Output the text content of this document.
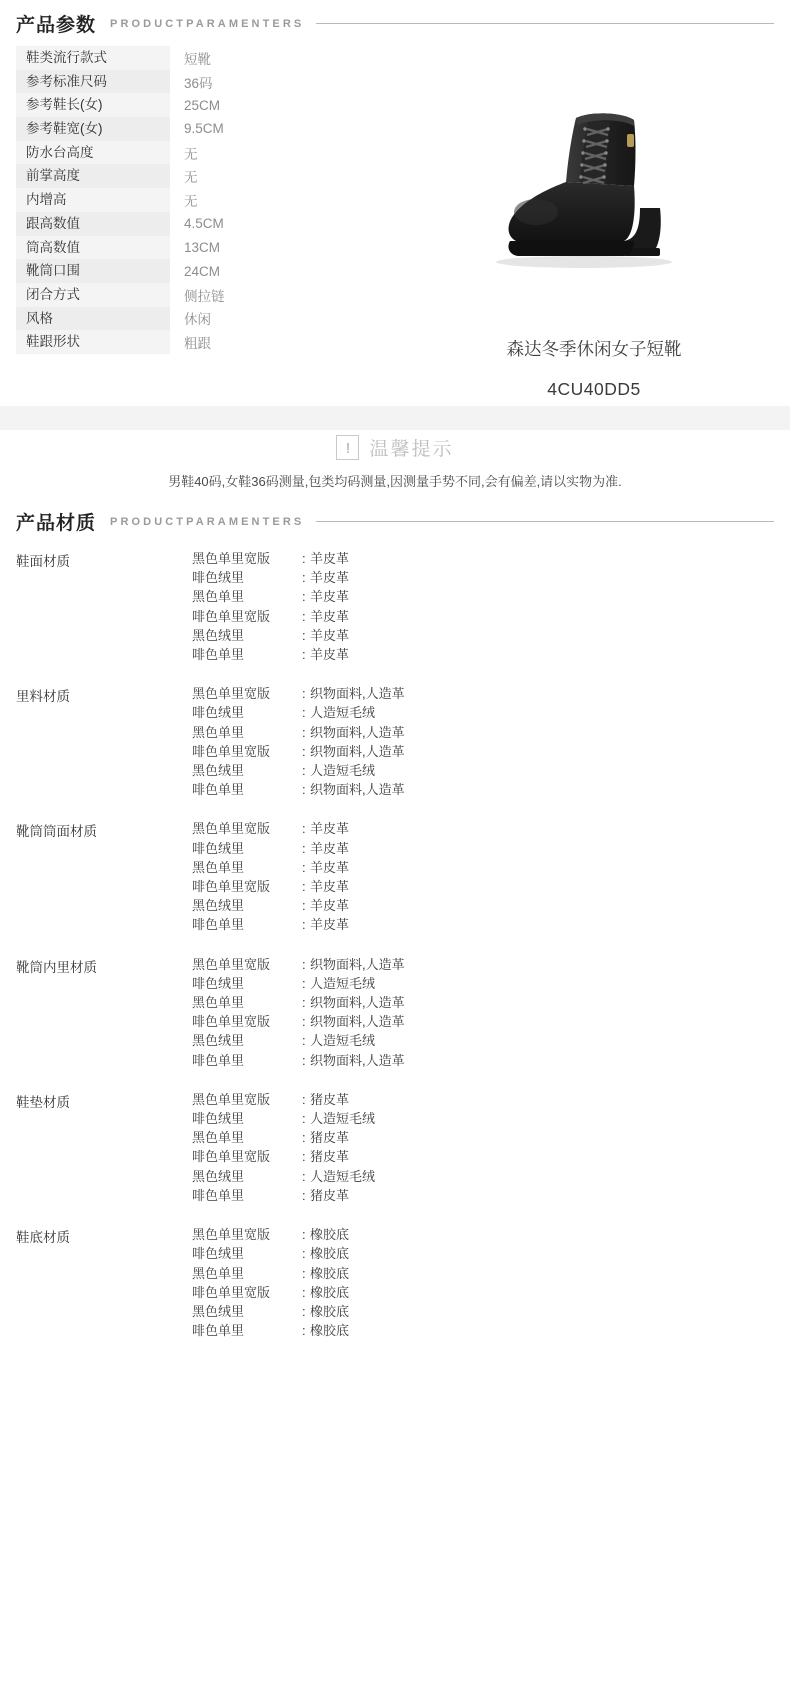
产品参数 PRODUCTPARAMENTERS
鞋类流行款式	短靴
参考标准尺码	36码
参考鞋长(女)	25CM
参考鞋宽(女)	9.5CM
防水台高度	无
前掌高度	无
内增高	无
跟高数值	4.5CM
筒高数值	13CM
靴筒口围	24CM
闭合方式	侧拉链
风格	休闲
鞋跟形状	粗跟	森达冬季休闲女子短靴
4CU40DD5
!	温馨提示
男鞋40码,女鞋36码测量,包类均码测量,因测量手势不同,会有偏差,请以实物为准.
产品材质 PRODUCTPARAMENTERS
鞋面材质	黑色单里宽版	: 羊皮革
啡色绒里	: 羊皮革
黑色单里	: 羊皮革
啡色单里宽版	: 羊皮革
黑色绒里	: 羊皮革
啡色单里	: 羊皮革
里料材质	黑色单里宽版	: 织物面料,人造革
啡色绒里	: 人造短毛绒
黑色单里	: 织物面料,人造革
啡色单里宽版	: 织物面料,人造革
黑色绒里	: 人造短毛绒
啡色单里	: 织物面料,人造革
靴筒筒面材质	黑色单里宽版	: 羊皮革
啡色绒里	: 羊皮革
黑色单里	: 羊皮革
啡色单里宽版	: 羊皮革
黑色绒里	: 羊皮革
啡色单里	: 羊皮革
靴筒内里材质	黑色单里宽版	: 织物面料,人造革
啡色绒里	: 人造短毛绒
黑色单里	: 织物面料,人造革
啡色单里宽版	: 织物面料,人造革
黑色绒里	: 人造短毛绒
啡色单里	: 织物面料,人造革
鞋垫材质	黑色单里宽版	: 猪皮革
啡色绒里	: 人造短毛绒
黑色单里	: 猪皮革
啡色单里宽版	: 猪皮革
黑色绒里	: 人造短毛绒
啡色单里	: 猪皮革
鞋底材质	黑色单里宽版	: 橡胶底
啡色绒里	: 橡胶底
黑色单里	: 橡胶底
啡色单里宽版	: 橡胶底
黑色绒里	: 橡胶底
啡色单里	: 橡胶底
